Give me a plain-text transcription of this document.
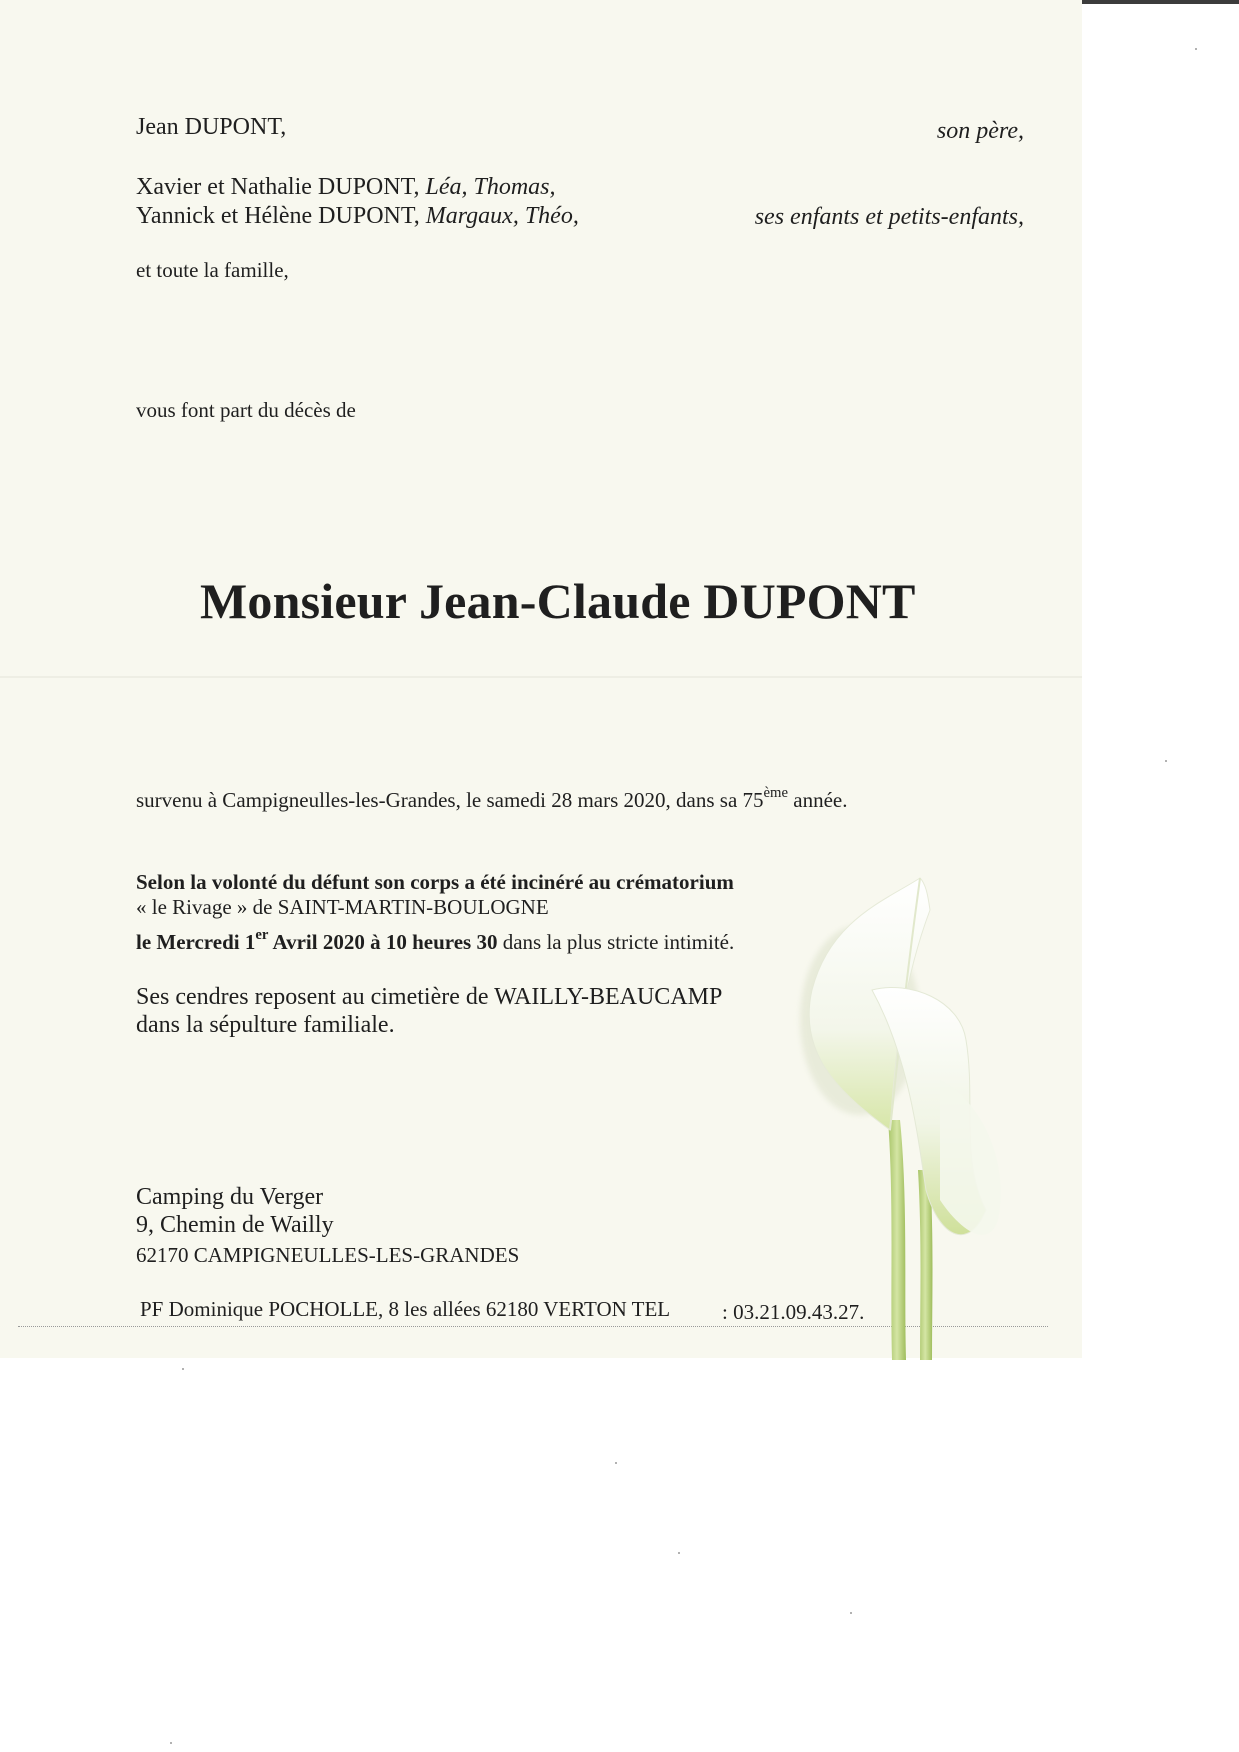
Jean DUPONT,	son père,
Xavier et Nathalie DUPONT, Léa, Thomas,
Yannick et Hélène DUPONT, Margaux, Théo,	ses enfants et petits-enfants,
et toute la famille,
vous font part du décès de
Monsieur Jean-Claude DUPONT
survenu à Campigneulles-les-Grandes, le samedi 28 mars 2020, dans sa 75ème année.
Selon la volonté du défunt son corps a été incinéré au crématorium
« le Rivage » de SAINT-MARTIN-BOULOGNE
le Mercredi 1er Avril 2020 à 10 heures 30 dans la plus stricte intimité.
Ses cendres reposent au cimetière de WAILLY-BEAUCAMP
dans la sépulture familiale.
Camping du Verger
9, Chemin de Wailly
62170 CAMPIGNEULLES-LES-GRANDES
PF Dominique POCHOLLE, 8 les allées 62180 VERTON TEL : 03.21.09.43.27.
